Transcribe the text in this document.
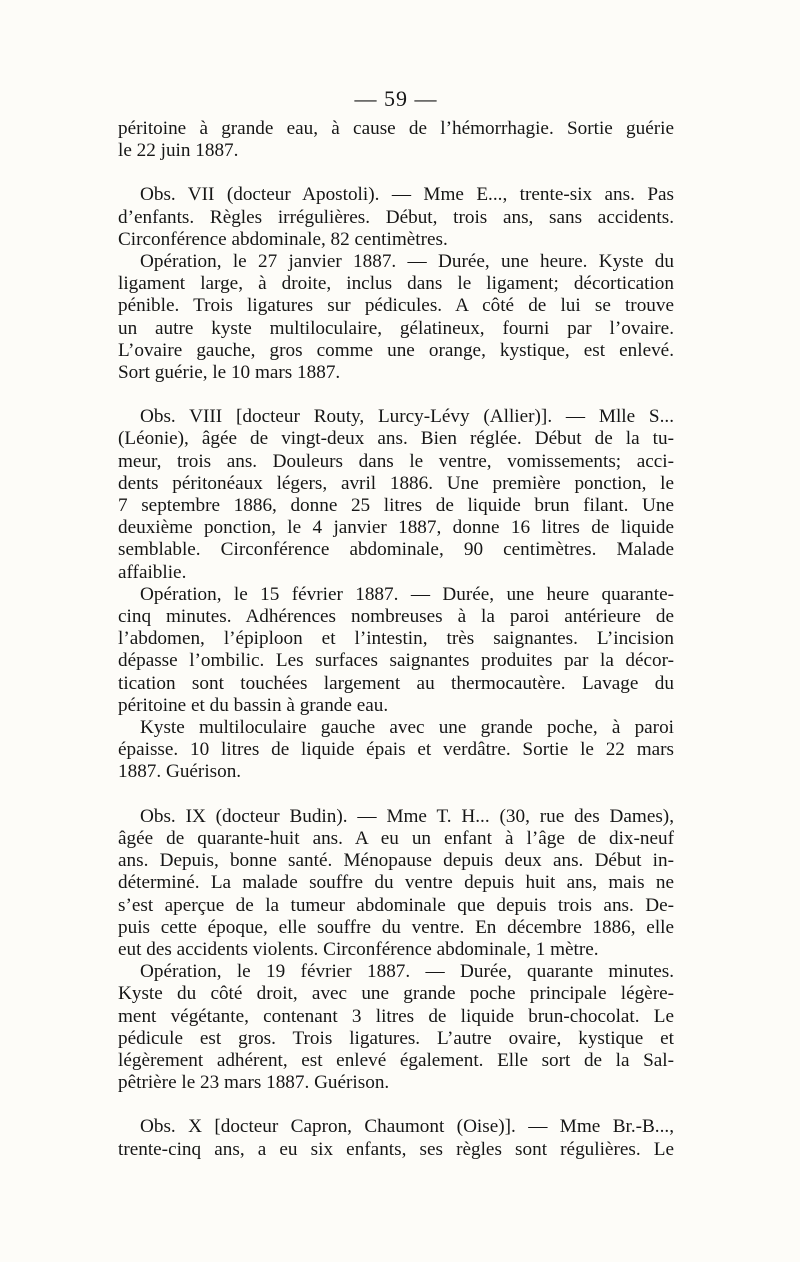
— 59 —
péritoine à grande eau, à cause de l’hémorrhagie. Sortie guérie
le 22 juin 1887.
Obs. VII (docteur Apostoli). — Mme E..., trente-six ans. Pas
d’enfants. Règles irrégulières. Début, trois ans, sans accidents.
Circonférence abdominale, 82 centimètres.
Opération, le 27 janvier 1887. — Durée, une heure. Kyste du
ligament large, à droite, inclus dans le ligament; décortication
pénible. Trois ligatures sur pédicules. A côté de lui se trouve
un autre kyste multiloculaire, gélatineux, fourni par l’ovaire.
L’ovaire gauche, gros comme une orange, kystique, est enlevé.
Sort guérie, le 10 mars 1887.
Obs. VIII [docteur Routy, Lurcy-Lévy (Allier)]. — Mlle S...
(Léonie), âgée de vingt-deux ans. Bien réglée. Début de la tu-
meur, trois ans. Douleurs dans le ventre, vomissements; acci-
dents péritonéaux légers, avril 1886. Une première ponction, le
7 septembre 1886, donne 25 litres de liquide brun filant. Une
deuxième ponction, le 4 janvier 1887, donne 16 litres de liquide
semblable. Circonférence abdominale, 90 centimètres. Malade
affaiblie.
Opération, le 15 février 1887. — Durée, une heure quarante-
cinq minutes. Adhérences nombreuses à la paroi antérieure de
l’abdomen, l’épiploon et l’intestin, très saignantes. L’incision
dépasse l’ombilic. Les surfaces saignantes produites par la décor-
tication sont touchées largement au thermocautère. Lavage du
péritoine et du bassin à grande eau.
Kyste multiloculaire gauche avec une grande poche, à paroi
épaisse. 10 litres de liquide épais et verdâtre. Sortie le 22 mars
1887. Guérison.
Obs. IX (docteur Budin). — Mme T. H... (30, rue des Dames),
âgée de quarante-huit ans. A eu un enfant à l’âge de dix-neuf
ans. Depuis, bonne santé. Ménopause depuis deux ans. Début in-
déterminé. La malade souffre du ventre depuis huit ans, mais ne
s’est aperçue de la tumeur abdominale que depuis trois ans. De-
puis cette époque, elle souffre du ventre. En décembre 1886, elle
eut des accidents violents. Circonférence abdominale, 1 mètre.
Opération, le 19 février 1887. — Durée, quarante minutes.
Kyste du côté droit, avec une grande poche principale légère-
ment végétante, contenant 3 litres de liquide brun-chocolat. Le
pédicule est gros. Trois ligatures. L’autre ovaire, kystique et
légèrement adhérent, est enlevé également. Elle sort de la Sal-
pêtrière le 23 mars 1887. Guérison.
Obs. X [docteur Capron, Chaumont (Oise)]. — Mme Br.-B...,
trente-cinq ans, a eu six enfants, ses règles sont régulières. Le
